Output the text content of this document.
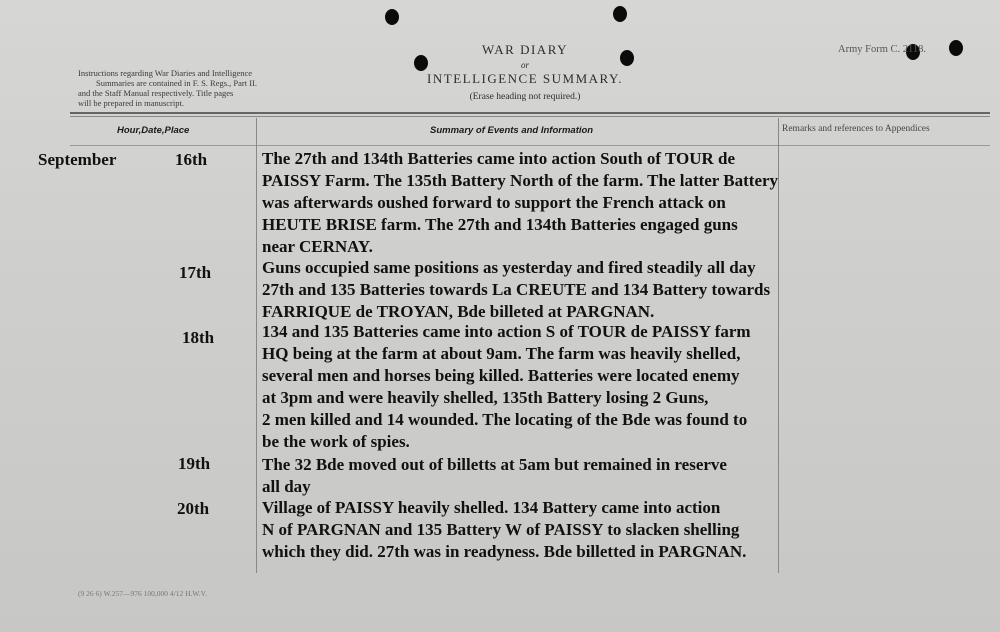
Instructions regarding War Diaries and Intelligence
Summaries are contained in F. S. Regs., Part II.
and the Staff Manual respectively. Title pages
will be prepared in manuscript.
WAR DIARY
or
INTELLIGENCE SUMMARY.
(Erase heading not required.)
Army Form C. 2118.
Hour,Date,Place	Summary of Events and Information	Remarks and references to Appendices
September	16th	The 27th and 134th Batteries came into action South of TOUR de
PAISSY Farm. The 135th Battery North of the farm. The latter Battery
was afterwards oushed forward to support the French attack on
HEUTE BRISE farm. The 27th and 134th Batteries engaged guns
near CERNAY.
17th	Guns occupied same positions as yesterday and fired steadily all day
27th and 135 Batteries towards La CREUTE and 134 Battery towards
FARRIQUE de TROYAN, Bde billeted at PARGNAN.
18th	134 and 135 Batteries came into action S of TOUR de PAISSY farm
HQ being at the farm at about 9am. The farm was heavily shelled,
several men and horses being killed. Batteries were located enemy
at 3pm and were heavily shelled, 135th Battery losing 2 Guns,
2 men killed and 14 wounded. The locating of the Bde was found to
be the work of spies.
19th	The 32 Bde moved out of billetts at 5am but remained in reserve
all day
20th	Village of PAISSY heavily shelled. 134 Battery came into action
N of PARGNAN and 135 Battery W of PAISSY to slacken shelling
which they did. 27th was in readyness. Bde billetted in PARGNAN.
(9 26 6) W.257—976 100,000 4/12 H.W.V.
